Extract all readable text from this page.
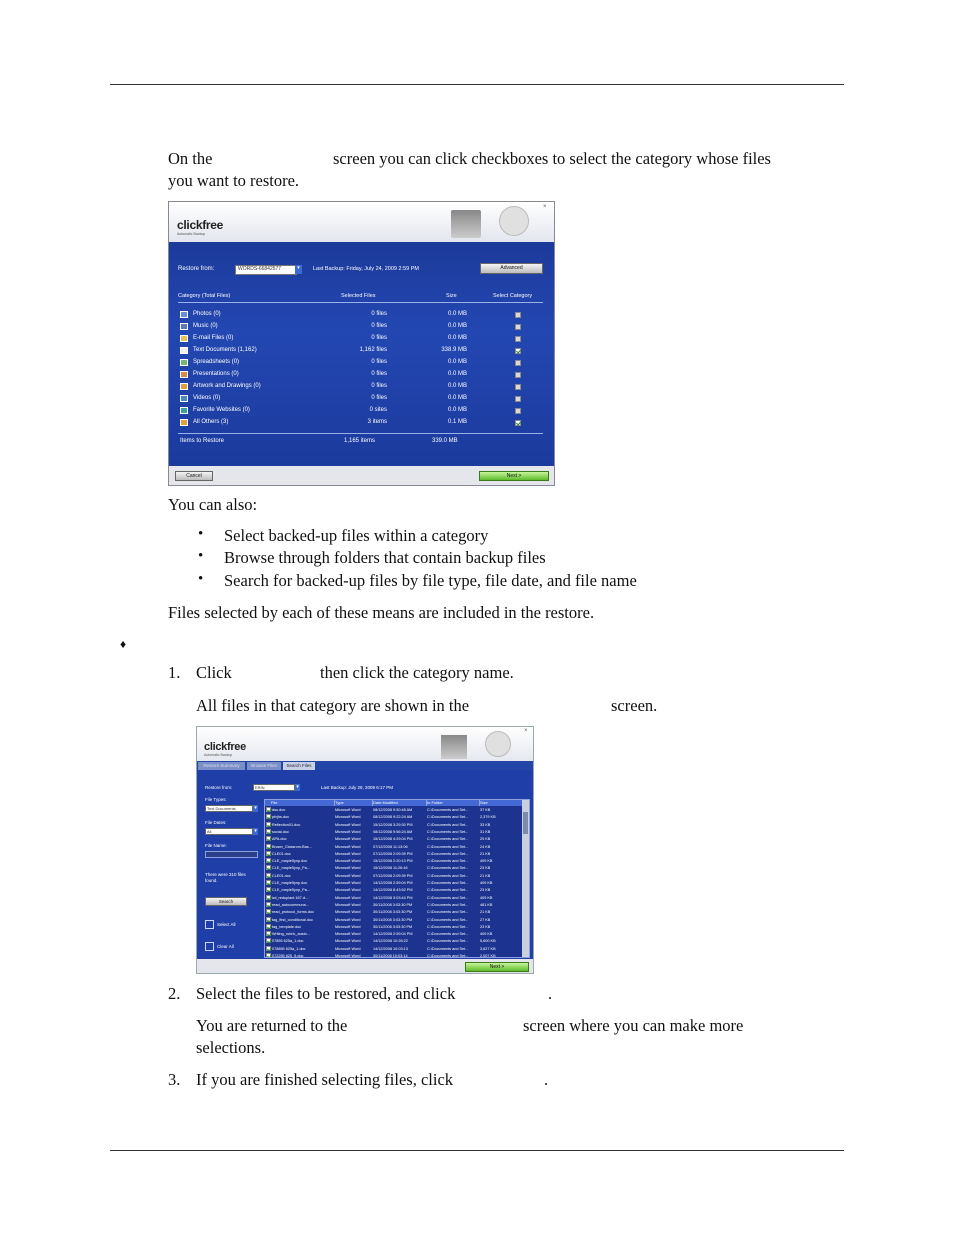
On the	screen you can click checkboxes to select the category whose files
you want to restore.
clickfree
Automatic Backup
×
Restore from:	WORDS-66842577	▾	Last Backup: Friday, July 24, 2009 2:59 PM	Advanced
Category (Total Files)	Selected Files	Size	Select Category
Photos (0)	0 files	0.0 MB
Music (0)	0 files	0.0 MB
E-mail Files (0)	0 files	0.0 MB
Text Documents (1,162)	1,162 files	338.9 MB
Spreadsheets (0)	0 files	0.0 MB
Presentations (0)	0 files	0.0 MB
Artwork and Drawings (0)	0 files	0.0 MB
Videos (0)	0 files	0.0 MB
Favorite Websites (0)	0 sites	0.0 MB
All Others (3)	3 items	0.1 MB
Items to Restore	1,165 items	339.0 MB
Cancel	Next >
You can also:
• Select backed-up files within a category
• Browse through folders that contain backup files
• Search for backed-up files by file type, file date, and file name
Files selected by each of these means are included in the restore.
♦
1. Click	then click the category name.
All files in that category are shown in the	screen.
clickfree
Automatic Backup
×
Restore Summary	Browse Files	Search Files
Restore from:	ERIN	▾	Last Backup: July 28, 2009 6:17 PM
File Types:
Text Documents	▾
File Dates:
All	▾
File Name:
There were 310 files found.
Search
Select All
Clear All
File	Type	Date Modified	In Folder	Size
dsu.doc	Microsoft Word	08/12/2008 9:50:48 AM	C:\Documents and Set...	37 KB
pfvjhs.doc	Microsoft Word	08/12/2008 9:22:24 AM	C:\Documents and Set...	2,379 KB
Reflection01.doc	Microsoft Word	15/12/2008 3:29:30 PM	C:\Documents and Set...	33 KB
social.doc	Microsoft Word	08/12/2008 9:56:24 AM	C:\Documents and Set...	31 KB
APA.doc	Microsoft Word	15/12/2008 4:29:04 PM	C:\Documents and Set...	29 KB
Brown_Classrom-Bas...	Microsoft Word	07/12/2008 11:13:06	C:\Documents and Set...	24 KB
CLE01.doc	Microsoft Word	07/12/2008 2:09:39 PM	C:\Documents and Set...	21 KB
CLE_maple5ynp.doc	Microsoft Word	15/12/2008 2:20:13 PM	C:\Documents and Set...	409 KB
CLE_maple5ynp_Pa...	Microsoft Word	15/12/2008 11:26:46	C:\Documents and Set...	23 KB
CLE01.doc	Microsoft Word	07/12/2008 2:09:39 PM	C:\Documents and Set...	21 KB
CLE_maple5ynp.doc	Microsoft Word	14/12/2008 2:59:04 PM	C:\Documents and Set...	409 KB
CLE_maple5ynp_Pa...	Microsoft Word	14/12/2008 8:43:52 PM	C:\Documents and Set...	23 KB
iwl_reduplant 167.d...	Microsoft Word	14/12/2008 3:03:44 PM	C:\Documents and Set...	409 KB
read_autocommuna...	Microsoft Word	30/11/2008 3:03:30 PM	C:\Documents and Set...	481 KB
read_protocol_forms.doc	Microsoft Word	30/11/2008 3:03:30 PM	C:\Documents and Set...	21 KB
tag_first_conditional.doc	Microsoft Word	30/11/2008 3:03:30 PM	C:\Documents and Set...	27 KB
tag_template.doc	Microsoft Word	30/11/2008 3:03:30 PM	C:\Documents and Set...	23 KB
Writing_rubric_austo...	Microsoft Word	14/12/2008 2:59:04 PM	C:\Documents and Set...	409 KB
07855 625a_1.doc	Microsoft Word	14/12/2008 10:26:22	C:\Documents and Set...	5,600 KB
078855 625a_1.doc	Microsoft Word	14/12/2008 10:03:13	C:\Documents and Set...	3,627 KB
072255 625_5.doc	Microsoft Word	30/11/2008 10:03:14	C:\Documents and Set...	2,007 KB
Next >
2. Select the files to be restored, and click	.
You are returned to the	screen where you can make more
selections.
3. If you are finished selecting files, click	.
